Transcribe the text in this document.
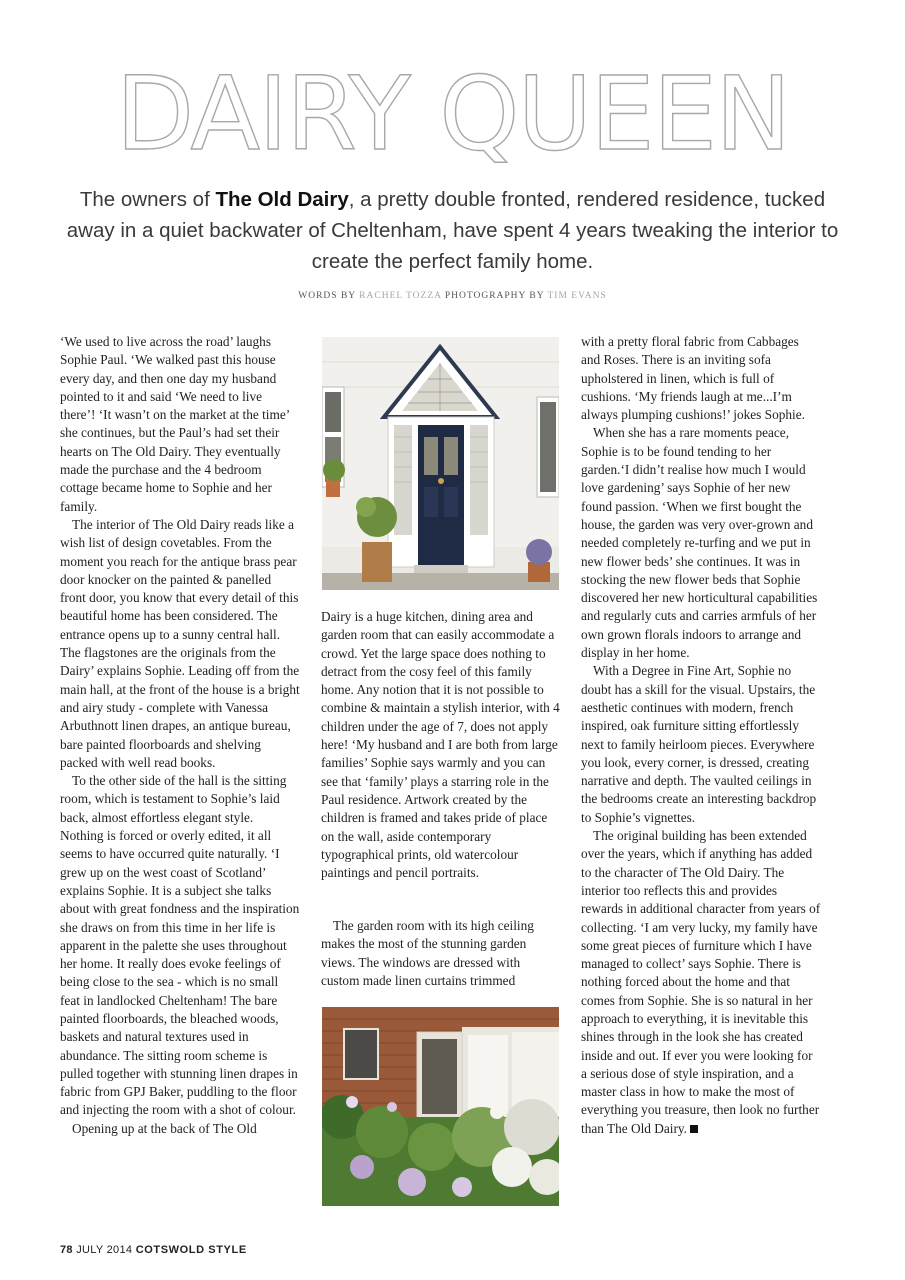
DAIRY QUEEN
The owners of The Old Dairy, a pretty double fronted, rendered residence, tucked away in a quiet backwater of Cheltenham, have spent 4 years tweaking the interior to create the perfect family home.
WORDS BY RACHEL TOZZA PHOTOGRAPHY BY TIM EVANS

‘We used to live across the road’ laughs Sophie Paul. ‘We walked past this house every day, and then one day my husband pointed to it and said ‘We need to live there’! ‘It wasn’t on the market at the time’ she continues, but the Paul’s had set their hearts on The Old Dairy. They eventually made the purchase and the 4 bedroom cottage became home to Sophie and her family.

The interior of The Old Dairy reads like a wish list of design covetables. From the moment you reach for the antique brass pear door knocker on the painted & panelled front door, you know that every detail of this beautiful home has been considered. The entrance opens up to a sunny central hall. The flagstones are the originals from the Dairy’ explains Sophie. Leading off from the main hall, at the front of the house is a bright and airy study - complete with Vanessa Arbuthnott linen drapes, an antique bureau, bare painted floorboards and shelving packed with well read books.

To the other side of the hall is the sitting room, which is testament to Sophie’s laid back, almost effortless elegant style. Nothing is forced or overly edited, it all seems to have occurred quite naturally. ‘I grew up on the west coast of Scotland’ explains Sophie. It is a subject she talks about with great fondness and the inspiration she draws on from this time in her life is apparent in the palette she uses throughout her home. It really does evoke feelings of being close to the sea - which is no small feat in landlocked Cheltenham! The bare painted floorboards, the bleached woods, baskets and natural textures used in abundance. The sitting room scheme is pulled together with stunning linen drapes in fabric from GPJ Baker, puddling to the floor and injecting the room with a shot of colour.

Opening up at the back of The Old

Dairy is a huge kitchen, dining area and garden room that can easily accommodate a crowd. Yet the large space does nothing to detract from the cosy feel of this family home. Any notion that it is not possible to combine & maintain a stylish interior, with 4 children under the age of 7, does not apply here! ‘My husband and I are both from large families’ Sophie says warmly and you can see that ‘family’ plays a starring role in the Paul residence. Artwork created by the children is framed and takes pride of place on the wall, aside contemporary typographical prints, old watercolour paintings and pencil portraits.

The garden room with its high ceiling makes the most of the stunning garden views. The windows are dressed with custom made linen curtains trimmed

with a pretty floral fabric from Cabbages and Roses. There is an inviting sofa upholstered in linen, which is full of cushions. ‘My friends laugh at me...I’m always plumping cushions!’ jokes Sophie.

When she has a rare moments peace, Sophie is to be found tending to her garden.‘I didn’t realise how much I would love gardening’ says Sophie of her new found passion. ‘When we first bought the house, the garden was very over-grown and needed completely re-turfing and we put in new flower beds’ she continues. It was in stocking the new flower beds that Sophie discovered her new horticultural capabilities and regularly cuts and carries armfuls of her own grown florals indoors to arrange and display in her home.

With a Degree in Fine Art, Sophie no doubt has a skill for the visual. Upstairs, the aesthetic continues with modern, french inspired, oak furniture sitting effortlessly next to family heirloom pieces. Everywhere you look, every corner, is dressed, creating narrative and depth. The vaulted ceilings in the bedrooms create an interesting backdrop to Sophie’s vignettes.

The original building has been extended over the years, which if anything has added to the character of The Old Dairy. The interior too reflects this and provides rewards in additional character from years of collecting. ‘I am very lucky, my family have some great pieces of furniture which I have managed to collect’ says Sophie. There is nothing forced about the home and that comes from Sophie. She is so natural in her approach to everything, it is inevitable this shines through in the look she has created inside and out. If ever you were looking for a serious dose of style inspiration, and a master class in how to make the most of everything you treasure, then look no further than The Old Dairy.

78 JULY 2014 COTSWOLD STYLE
